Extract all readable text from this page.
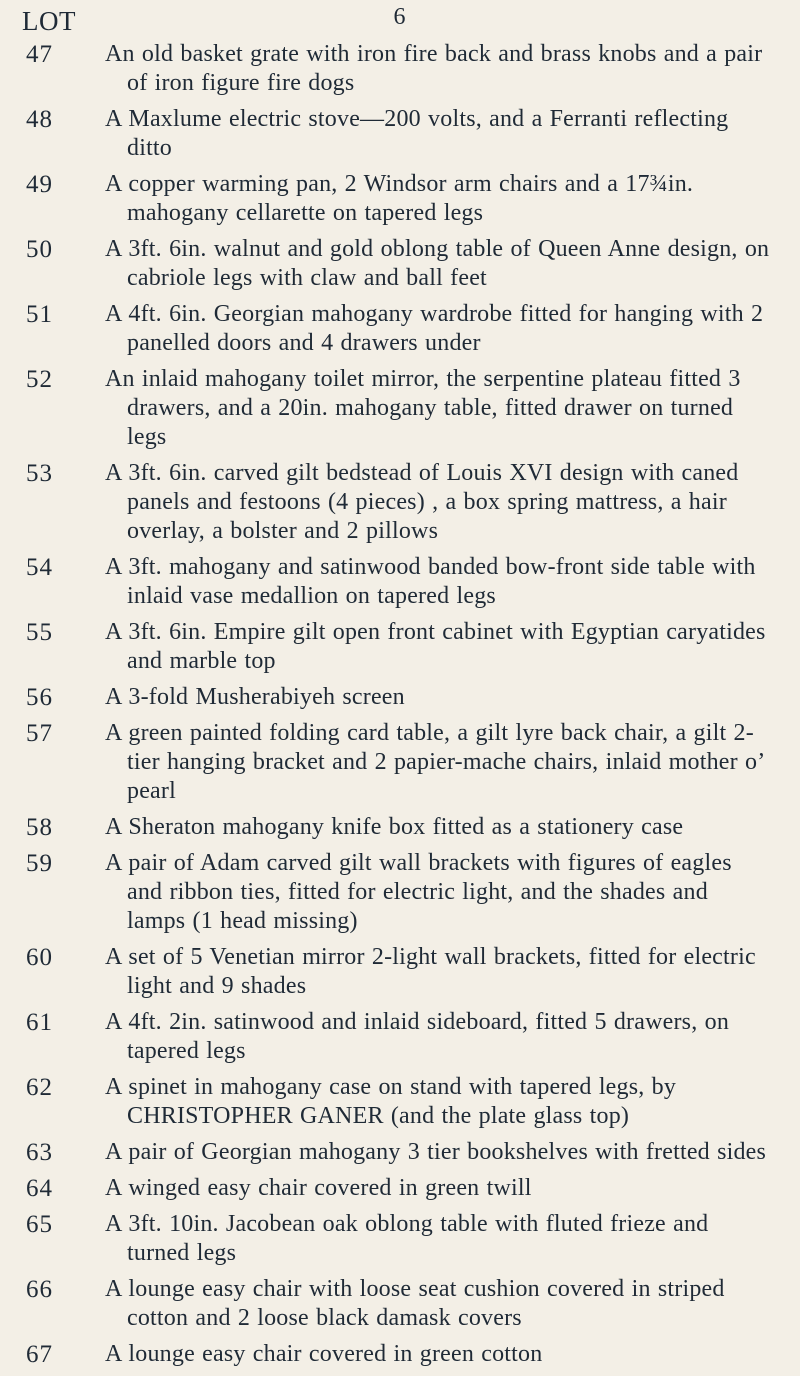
LOT	6
47	An old basket grate with iron fire back and brass knobs and a pair of iron figure fire dogs
48	A Maxlume electric stove—200 volts, and a Ferranti reflecting ditto
49	A copper warming pan, 2 Windsor arm chairs and a 17¾in. mahogany cellarette on tapered legs
50	A 3ft. 6in. walnut and gold oblong table of Queen Anne design, on cabriole legs with claw and ball feet
51	A 4ft. 6in. Georgian mahogany wardrobe fitted for hanging with 2 panelled doors and 4 drawers under
52	An inlaid mahogany toilet mirror, the serpentine plateau fitted 3 drawers, and a 20in. mahogany table, fitted drawer on turned legs
53	A 3ft. 6in. carved gilt bedstead of Louis XVI design with caned panels and festoons (4 pieces) , a box spring mattress, a hair overlay, a bolster and 2 pillows
54	A 3ft. mahogany and satinwood banded bow-front side table with inlaid vase medallion on tapered legs
55	A 3ft. 6in. Empire gilt open front cabinet with Egyptian caryatides and marble top
56	A 3-fold Musherabiyeh screen
57	A green painted folding card table, a gilt lyre back chair, a gilt 2-tier hanging bracket and 2 papier-mache chairs, inlaid mother o’ pearl
58	A Sheraton mahogany knife box fitted as a stationery case
59	A pair of Adam carved gilt wall brackets with figures of eagles and ribbon ties, fitted for electric light, and the shades and lamps (1 head missing)
60	A set of 5 Venetian mirror 2-light wall brackets, fitted for electric light and 9 shades
61	A 4ft. 2in. satinwood and inlaid sideboard, fitted 5 drawers, on tapered legs
62	A spinet in mahogany case on stand with tapered legs, by CHRISTOPHER GANER (and the plate glass top)
63	A pair of Georgian mahogany 3 tier bookshelves with fretted sides
64	A winged easy chair covered in green twill
65	A 3ft. 10in. Jacobean oak oblong table with fluted frieze and turned legs
66	A lounge easy chair with loose seat cushion covered in striped cotton and 2 loose black damask covers
67	A lounge easy chair covered in green cotton
